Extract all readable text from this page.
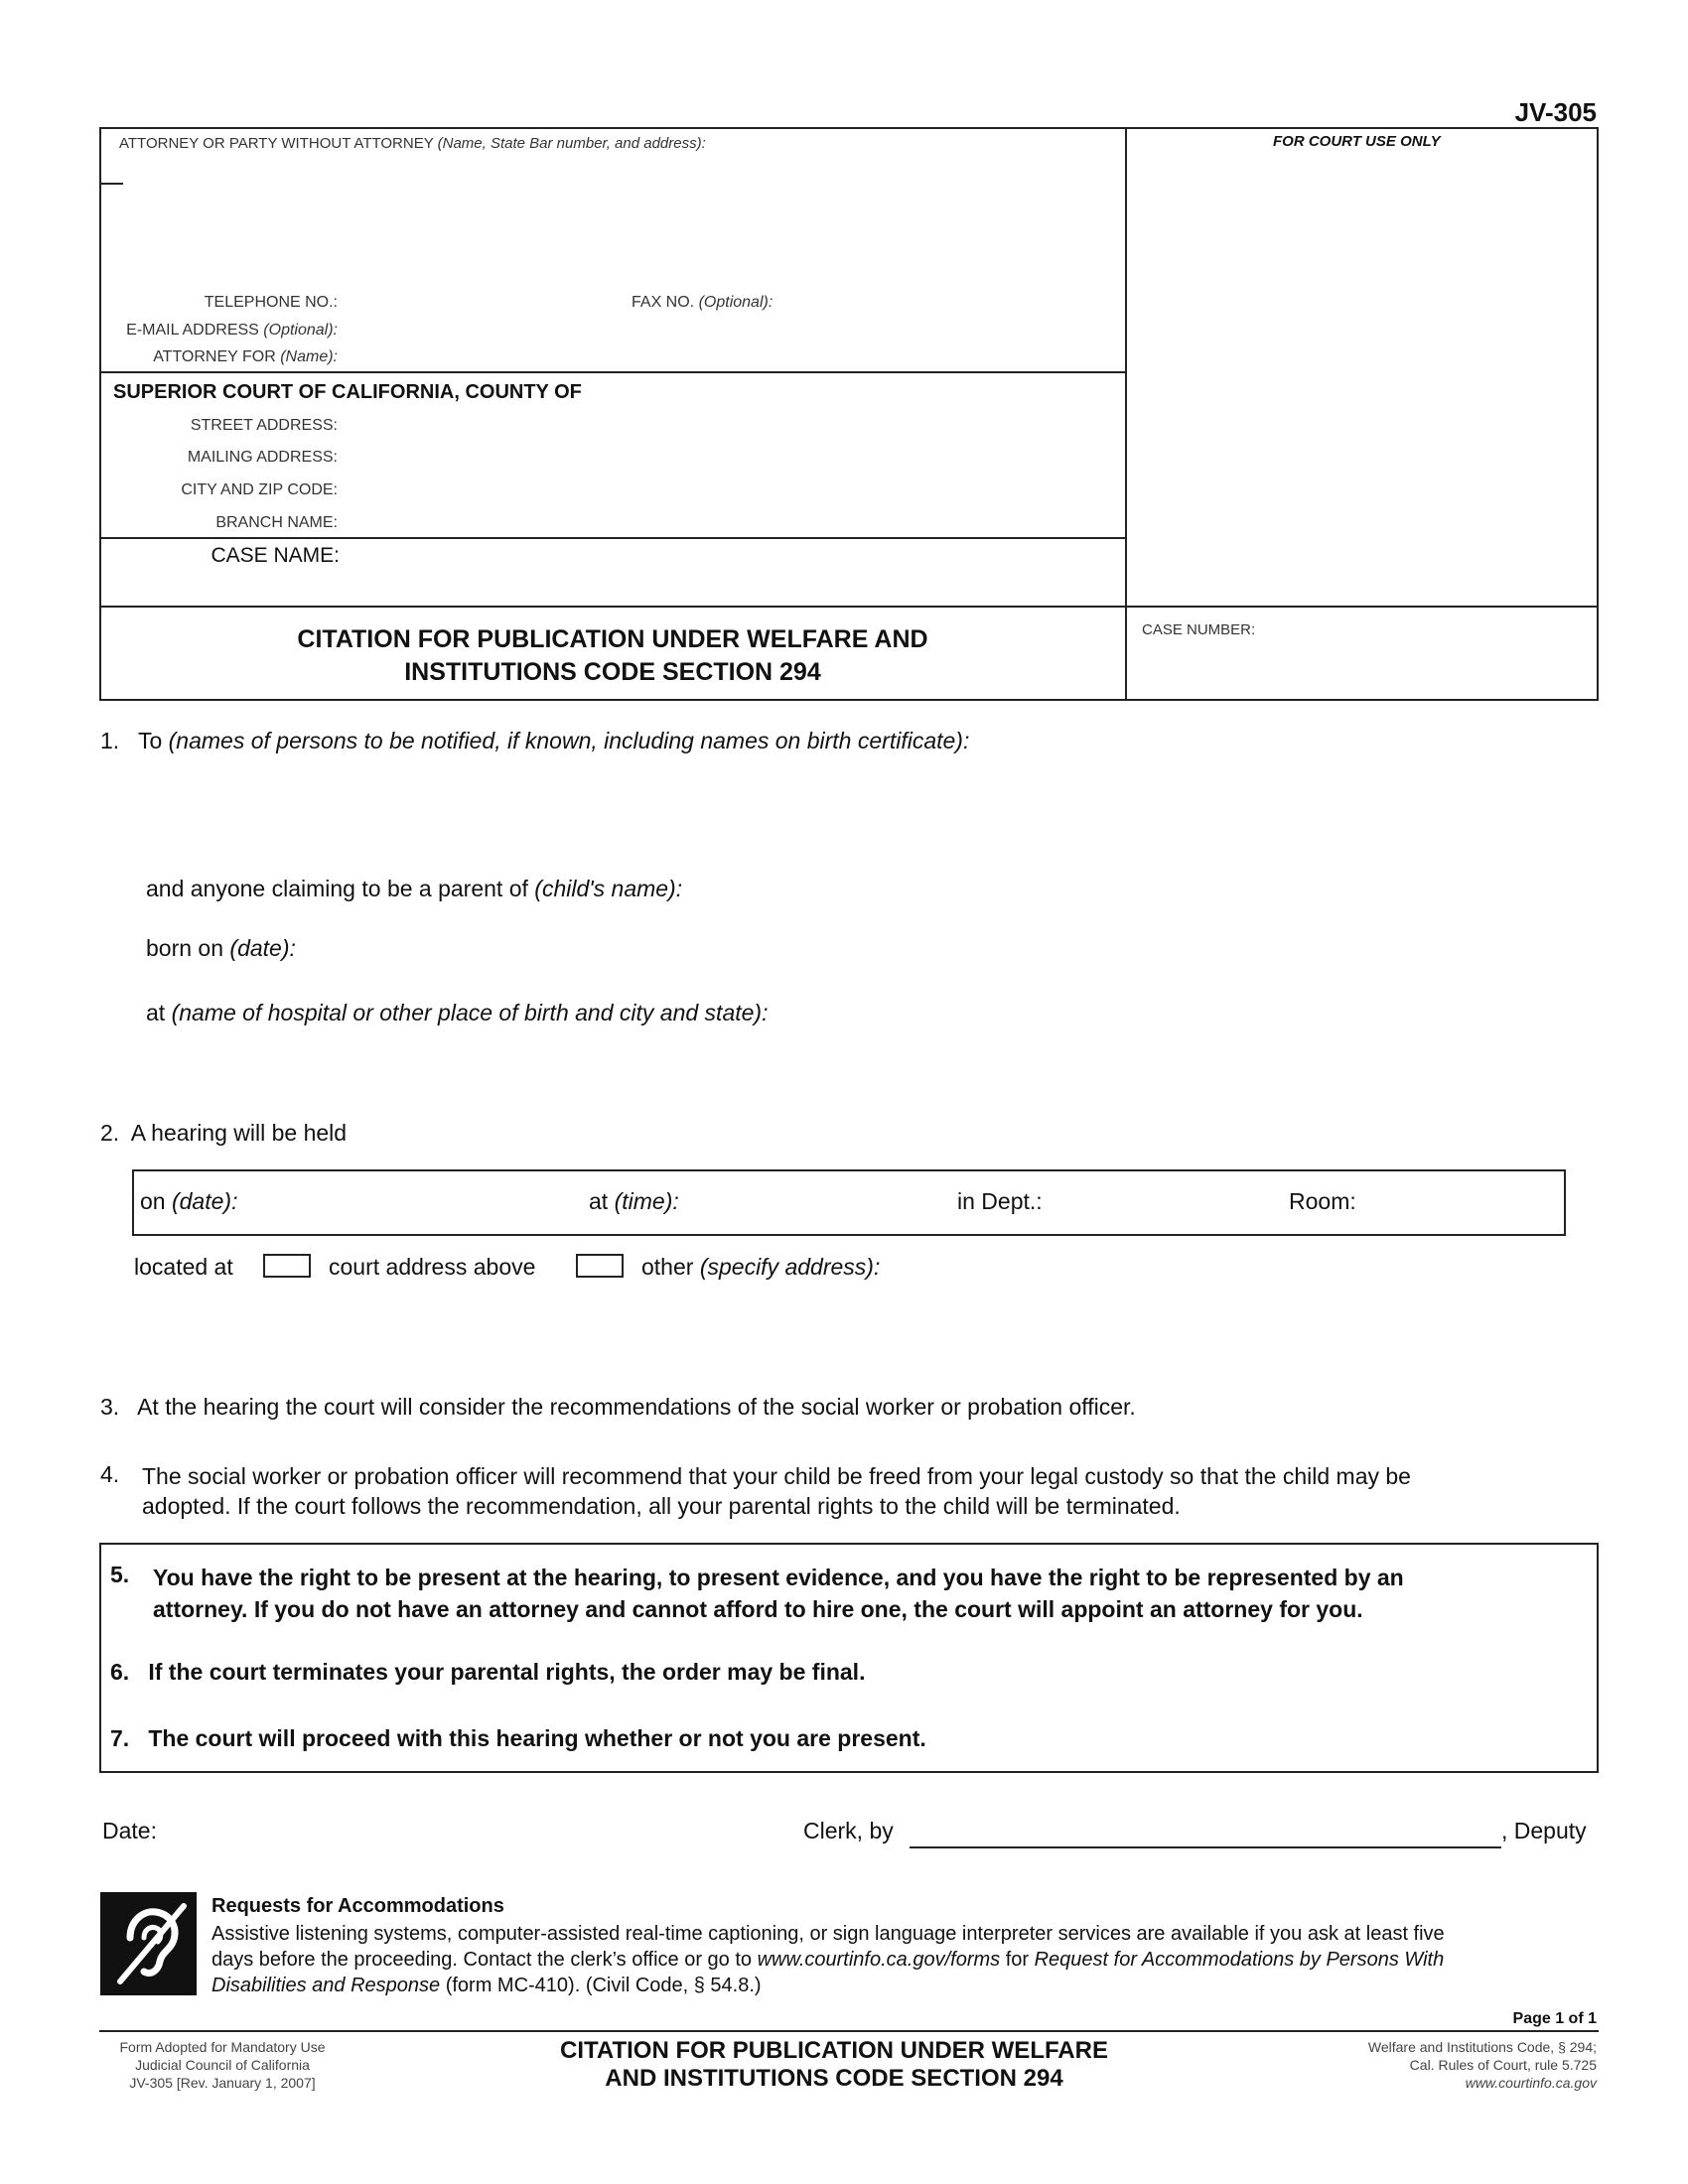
JV-305
ATTORNEY OR PARTY WITHOUT ATTORNEY (Name, State Bar number, and address):	FOR COURT USE ONLY
TELEPHONE NO.:	FAX NO. (Optional):
E-MAIL ADDRESS (Optional):
ATTORNEY FOR (Name):
SUPERIOR COURT OF CALIFORNIA, COUNTY OF
STREET ADDRESS:
MAILING ADDRESS:
CITY AND ZIP CODE:
BRANCH NAME:
CASE NAME:
CITATION FOR PUBLICATION UNDER WELFARE AND
INSTITUTIONS CODE SECTION 294
CASE NUMBER:
1. To (names of persons to be notified, if known, including names on birth certificate):
and anyone claiming to be a parent of (child's name):
born on (date):
at (name of hospital or other place of birth and city and state):
2. A hearing will be held
on (date):	at (time):	in Dept.:	Room:
located at	court address above	other (specify address):
3. At the hearing the court will consider the recommendations of the social worker or probation officer.
4. The social worker or probation officer will recommend that your child be freed from your legal custody so that the child may be
adopted. If the court follows the recommendation, all your parental rights to the child will be terminated.
5. You have the right to be present at the hearing, to present evidence, and you have the right to be represented by an
attorney. If you do not have an attorney and cannot afford to hire one, the court will appoint an attorney for you.
6. If the court terminates your parental rights, the order may be final.
7. The court will proceed with this hearing whether or not you are present.
Date:	Clerk, by	, Deputy
Requests for Accommodations
Assistive listening systems, computer-assisted real-time captioning, or sign language interpreter services are available if you ask at least five
days before the proceeding. Contact the clerk’s office or go to www.courtinfo.ca.gov/forms for Request for Accommodations by Persons With
Disabilities and Response (form MC-410). (Civil Code, § 54.8.)
Page 1 of 1
Form Adopted for Mandatory Use
Judicial Council of California
JV-305 [Rev. January 1, 2007]
CITATION FOR PUBLICATION UNDER WELFARE
AND INSTITUTIONS CODE SECTION 294
Welfare and Institutions Code, § 294;
Cal. Rules of Court, rule 5.725
www.courtinfo.ca.gov
